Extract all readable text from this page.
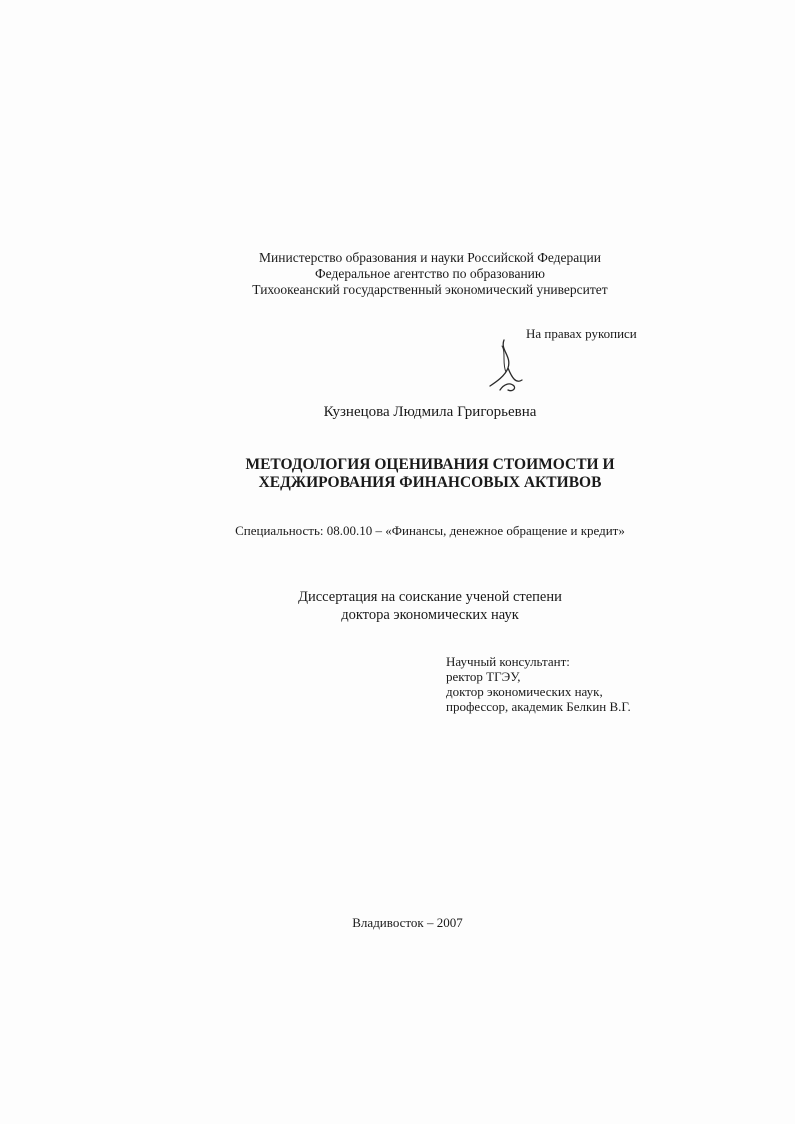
Министерство образования и науки Российской Федерации
Федеральное агентство по образованию
Тихоокеанский государственный экономический университет
На правах рукописи
Кузнецова Людмила Григорьевна
МЕТОДОЛОГИЯ ОЦЕНИВАНИЯ СТОИМОСТИ И
ХЕДЖИРОВАНИЯ ФИНАНСОВЫХ АКТИВОВ
Специальность: 08.00.10 – «Финансы, денежное обращение и кредит»
Диссертация на соискание ученой степени
доктора экономических наук
Научный консультант:
ректор ТГЭУ,
доктор экономических наук,
профессор, академик Белкин В.Г.
Владивосток – 2007
